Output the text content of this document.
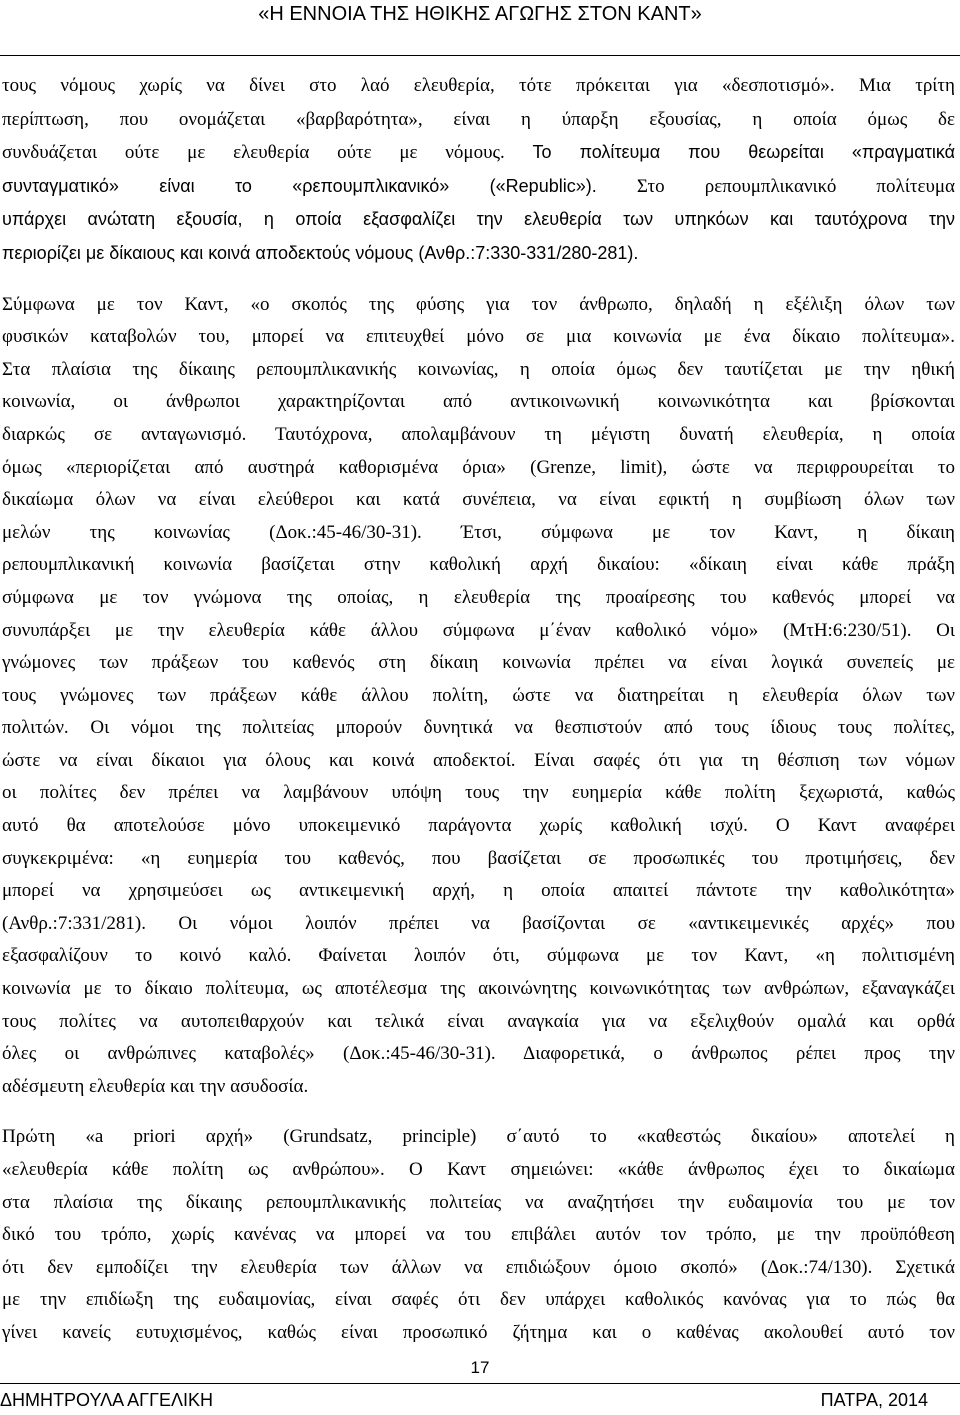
«Η ΕΝΝΟΙΑ ΤΗΣ ΗΘΙΚΗΣ ΑΓΩΓΗΣ ΣΤΟΝ ΚΑΝΤ»

τους νόμους χωρίς να δίνει στο λαό ελευθερία, τότε πρόκειται για «δεσποτισμό». Μια τρίτη
περίπτωση, που ονομάζεται «βαρβαρότητα», είναι η ύπαρξη εξουσίας, η οποία όμως δε
συνδυάζεται ούτε με ελευθερία ούτε με νόμους. Το πολίτευμα που θεωρείται «πραγματικά
συνταγματικό» είναι το «ρεπουμπλικανικό» («Republic»). Στο ρεπουμπλικανικό πολίτευμα
υπάρχει ανώτατη εξουσία, η οποία εξασφαλίζει την ελευθερία των υπηκόων και ταυτόχρονα την
περιορίζει με δίκαιους και κοινά αποδεκτούς νόμους (Ανθρ.:7:330-331/280-281).

Σύμφωνα με τον Καντ, «ο σκοπός της φύσης για τον άνθρωπο, δηλαδή η εξέλιξη όλων των
φυσικών καταβολών του, μπορεί να επιτευχθεί μόνο σε μια κοινωνία με ένα δίκαιο πολίτευμα».
Στα πλαίσια της δίκαιης ρεπουμπλικανικής κοινωνίας, η οποία όμως δεν ταυτίζεται με την ηθική
κοινωνία, οι άνθρωποι χαρακτηρίζονται από αντικοινωνική κοινωνικότητα και βρίσκονται
διαρκώς σε ανταγωνισμό. Ταυτόχρονα, απολαμβάνουν τη μέγιστη δυνατή ελευθερία, η οποία
όμως «περιορίζεται από αυστηρά καθορισμένα όρια» (Grenze, limit), ώστε να περιφρουρείται το
δικαίωμα όλων να είναι ελεύθεροι και κατά συνέπεια, να είναι εφικτή η συμβίωση όλων των
μελών της κοινωνίας (Δοκ.:45-46/30-31). Έτσι, σύμφωνα με τον Καντ, η δίκαιη
ρεπουμπλικανική κοινωνία βασίζεται στην καθολική αρχή δικαίου: «δίκαιη είναι κάθε πράξη
σύμφωνα με τον γνώμονα της οποίας, η ελευθερία της προαίρεσης του καθενός μπορεί να
συνυπάρξει με την ελευθερία κάθε άλλου σύμφωνα μ΄έναν καθολικό νόμο» (ΜτΗ:6:230/51). Οι
γνώμονες των πράξεων του καθενός στη δίκαιη κοινωνία πρέπει να είναι λογικά συνεπείς με
τους γνώμονες των πράξεων κάθε άλλου πολίτη, ώστε να διατηρείται η ελευθερία όλων των
πολιτών. Οι νόμοι της πολιτείας μπορούν δυνητικά να θεσπιστούν από τους ίδιους τους πολίτες,
ώστε να είναι δίκαιοι για όλους και κοινά αποδεκτοί. Είναι σαφές ότι για τη θέσπιση των νόμων
οι πολίτες δεν πρέπει να λαμβάνουν υπόψη τους την ευημερία κάθε πολίτη ξεχωριστά, καθώς
αυτό θα αποτελούσε μόνο υποκειμενικό παράγοντα χωρίς καθολική ισχύ. Ο Καντ αναφέρει
συγκεκριμένα: «η ευημερία του καθενός, που βασίζεται σε προσωπικές του προτιμήσεις, δεν
μπορεί να χρησιμεύσει ως αντικειμενική αρχή, η οποία απαιτεί πάντοτε την καθολικότητα»
(Ανθρ.:7:331/281). Οι νόμοι λοιπόν πρέπει να βασίζονται σε «αντικειμενικές αρχές» που
εξασφαλίζουν το κοινό καλό. Φαίνεται λοιπόν ότι, σύμφωνα με τον Καντ, «η πολιτισμένη
κοινωνία με το δίκαιο πολίτευμα, ως αποτέλεσμα της ακοινώνητης κοινωνικότητας των ανθρώπων, εξαναγκάζει
τους πολίτες να αυτοπειθαρχούν και τελικά είναι αναγκαία για να εξελιχθούν ομαλά και ορθά
όλες οι ανθρώπινες καταβολές» (Δοκ.:45-46/30-31). Διαφορετικά, ο άνθρωπος ρέπει προς την
αδέσμευτη ελευθερία και την ασυδοσία.

Πρώτη «a priori αρχή» (Grundsatz, principle) σ΄αυτό το «καθεστώς δικαίου» αποτελεί η
«ελευθερία κάθε πολίτη ως ανθρώπου». Ο Καντ σημειώνει: «κάθε άνθρωπος έχει το δικαίωμα
στα πλαίσια της δίκαιης ρεπουμπλικανικής πολιτείας να αναζητήσει την ευδαιμονία του με τον
δικό του τρόπο, χωρίς κανένας να μπορεί να του επιβάλει αυτόν τον τρόπο, με την προϋπόθεση
ότι δεν εμποδίζει την ελευθερία των άλλων να επιδιώξουν όμοιο σκοπό» (Δοκ.:74/130). Σχετικά
με την επιδίωξη της ευδαιμονίας, είναι σαφές ότι δεν υπάρχει καθολικός κανόνας για το πώς θα
γίνει κανείς ευτυχισμένος, καθώς είναι προσωπικό ζήτημα και ο καθένας ακολουθεί αυτό τον

17
ΔΗΜΗΤΡΟΥΛΑ ΑΓΓΕΛΙΚΗ	ΠΑΤΡΑ, 2014
